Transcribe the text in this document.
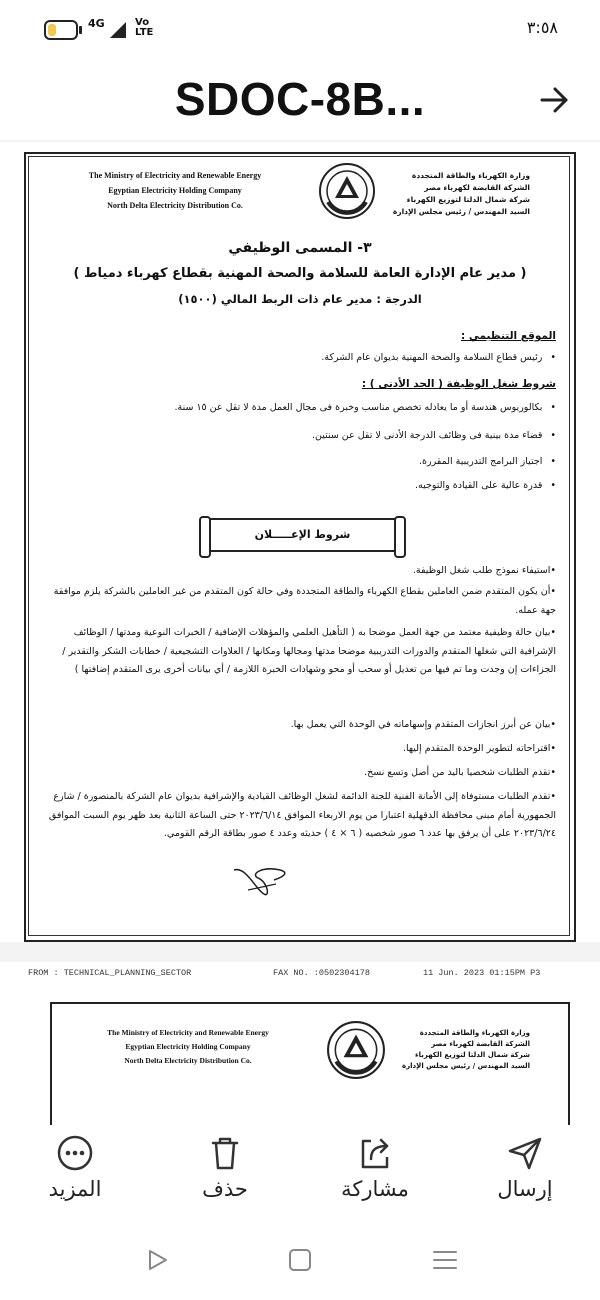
4G	Vo LTE	٣:٥٨
SDOC-8B...
The Ministry of Electricity and Renewable Energy
Egyptian Electricity Holding Company
North Delta Electricity Distribution Co.
وزارة الكهرباء والطاقة المتجددة
الشركة القابضة لكهرباء مصر
شركة شمال الدلتا لتوزيع الكهرباء
السيد المهندس / رئيس مجلس الإدارة
٣- المسمى الوظيفي
( مدير عام الإدارة العامة للسلامة والصحة المهنية بقطاع كهرباء دمياط )
الدرجة : مدير عام ذات الربط المالي (١٥٠٠)
الموقع التنظيمي :
•رئيس قطاع السلامة والصحة المهنية بديوان عام الشركة.
شروط شغل الوظيفة ( الحد الأدنى ) :
•بكالوريوس هندسة أو ما يعادله تخصص مناسب وخبرة فى مجال العمل مدة لا تقل عن ١٥ سنة.
•قضاء مدة بينية فى وظائف الدرجة الأدنى لا تقل عن سنتين.
•اجتياز البرامج التدريبية المقررة.
•قدرة عالية على القيادة والتوجيه.
شروط الإعـــــلان
•استيفاء نموذج طلب شغل الوظيفة.
•أن يكون المتقدم ضمن العاملين بقطاع الكهرباء والطاقة المتجددة وفي حالة كون المتقدم من غير العاملين بالشركة يلزم موافقة جهة عمله.
•بيان حالة وظيفية معتمد من جهة العمل موضحا به ( التأهيل العلمي والمؤهلات الإضافية / الخبرات النوعية ومدتها / الوظائف الإشرافية التي شغلها المتقدم والدورات التدريبية موضحا مدتها ومجالها ومكانها / العلاوات التشجيعية / خطابات الشكر والتقدير / الجزاءات إن وجدت وما تم فيها من تعديل أو سحب أو محو وشهادات الخبرة اللازمة / أي بيانات أخرى يرى المتقدم إضافتها )
•بيان عن أبرز انجازات المتقدم وإسهاماته في الوحدة التي يعمل بها.
•اقتراحاته لتطوير الوحدة المتقدم إليها.
•تقدم الطلبات شخصيا باليد من أصل وتسع نسخ.
•تقدم الطلبات مستوفاة إلى الأمانة الفنية للجنة الدائمة لشغل الوظائف القيادية والإشرافية بديوان عام الشركة بالمنصورة / شارع الجمهورية أمام مبنى محافظة الدقهلية اعتبارا من يوم الاربعاء الموافق ٢٠٢٣/٦/١٤ حتى الساعة الثانية بعد ظهر يوم السبت الموافق ٢٠٢٣/٦/٢٤ على أن يرفق بها عدد ٦ صور شخصيه ( ٦ × ٤ ) حديثه وعدد ٤ صور بطاقة الرقم القومي.
FROM : TECHNICAL_PLANNING_SECTOR	FAX NO. :0502304178	11 Jun. 2023 01:15PM P3
The Ministry of Electricity and Renewable Energy
Egyptian Electricity Holding Company
North Delta Electricity Distribution Co.
وزارة الكهرباء والطاقة المتجددة
الشركة القابضة لكهرباء مصر
شركة شمال الدلتا لتوزيع الكهرباء
السيد المهندس / رئيس مجلس الإدارة
المزيد	حذف	مشاركة	إرسال
